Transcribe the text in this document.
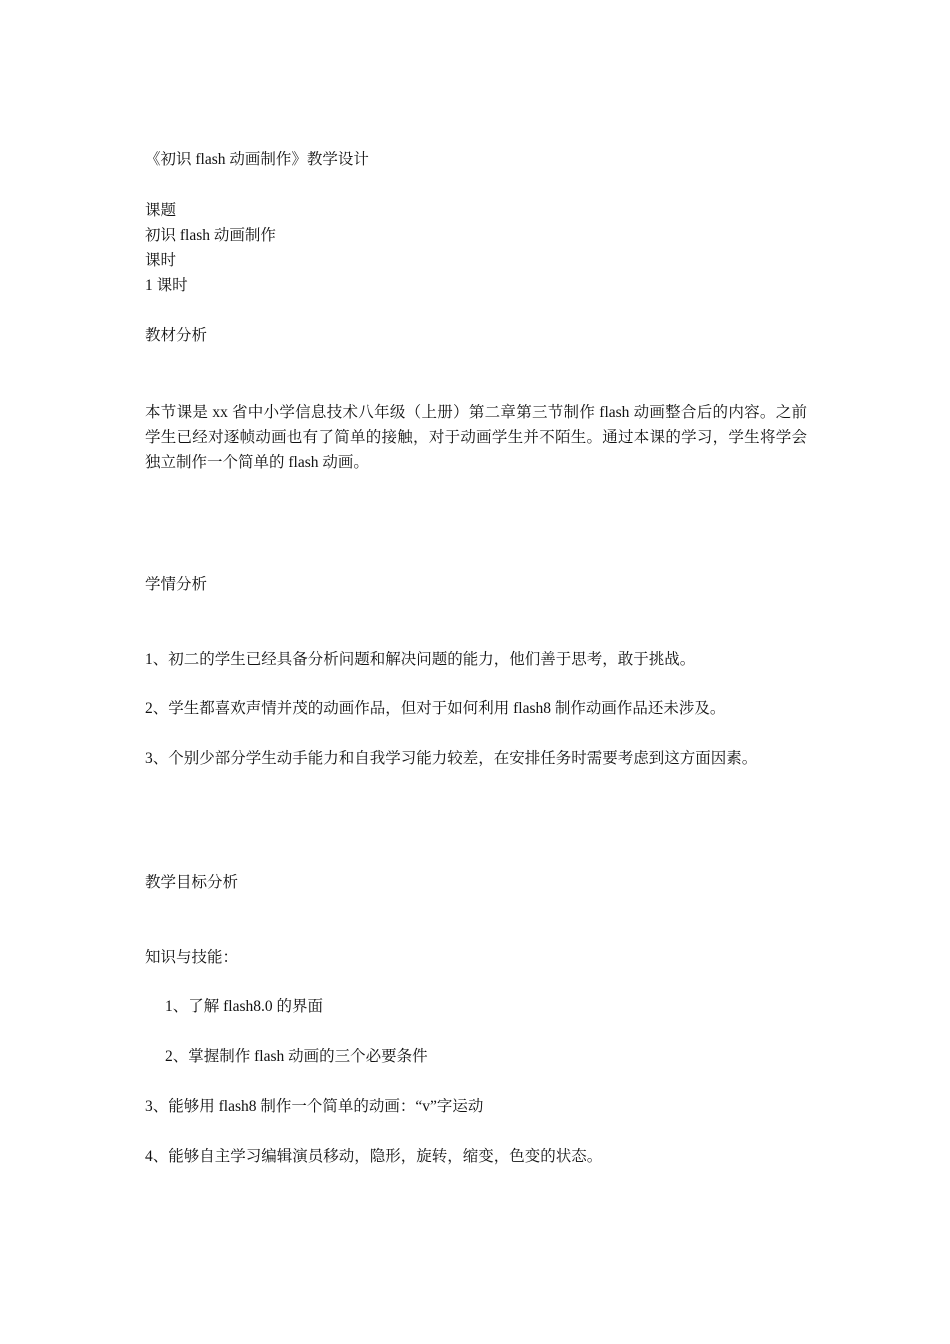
《初识 flash 动画制作》教学设计

课题

初识 flash 动画制作

课时

1 课时

教材分析

本节课是 xx 省中小学信息技术八年级（上册）第二章第三节制作 flash 动画整合后的内容。之前学生已经对逐帧动画也有了简单的接触，对于动画学生并不陌生。通过本课的学习，学生将学会独立制作一个简单的 flash 动画。

学情分析

1、初二的学生已经具备分析问题和解决问题的能力，他们善于思考，敢于挑战。

2、学生都喜欢声情并茂的动画作品，但对于如何利用 flash8 制作动画作品还未涉及。

3、个别少部分学生动手能力和自我学习能力较差，在安排任务时需要考虑到这方面因素。

教学目标分析

知识与技能：

1、了解 flash8.0 的界面

2、掌握制作 flash 动画的三个必要条件

3、能够用 flash8 制作一个简单的动画：“v”字运动

4、能够自主学习编辑演员移动，隐形，旋转，缩变，色变的状态。
